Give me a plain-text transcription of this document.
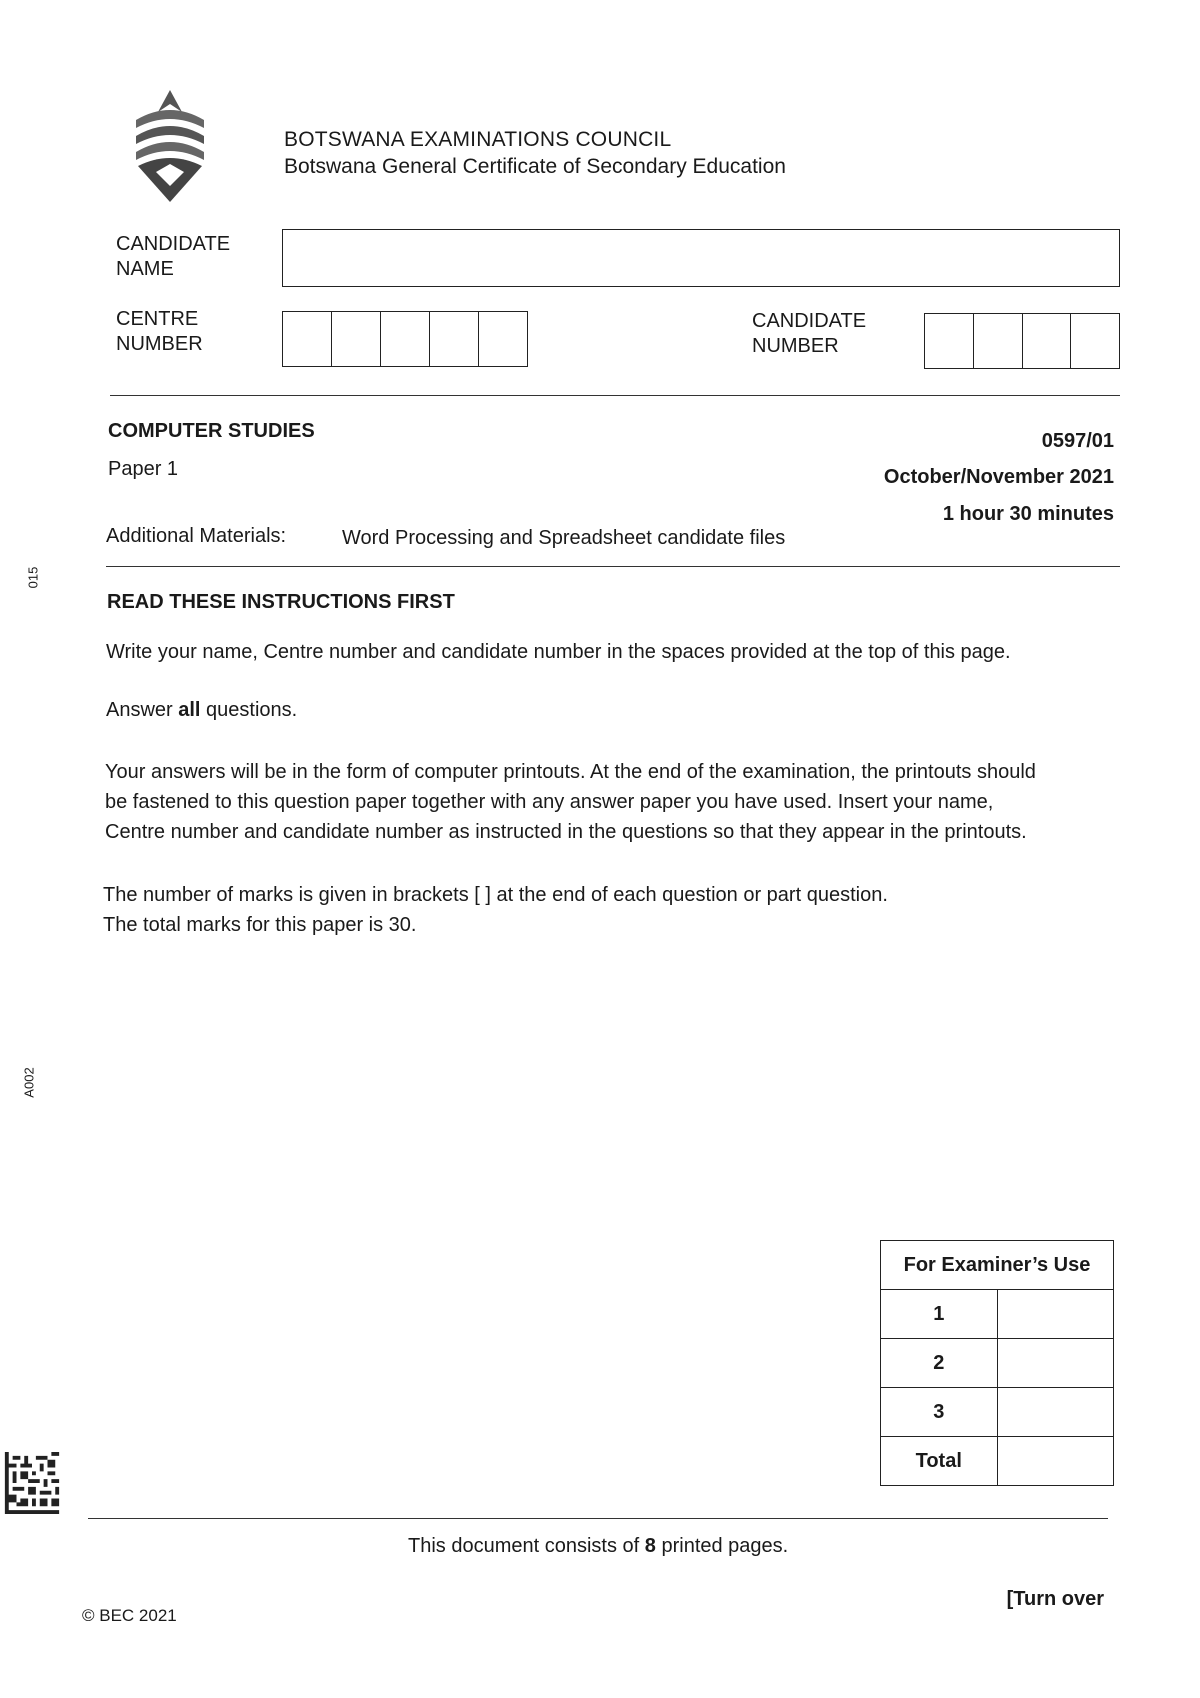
BOTSWANA EXAMINATIONS COUNCIL
Botswana General Certificate of Secondary Education
CANDIDATE
NAME
CENTRE
NUMBER
CANDIDATE
NUMBER
COMPUTER STUDIES
Paper 1
0597/01
October/November 2021
1 hour 30 minutes
Additional Materials:	Word Processing and Spreadsheet candidate files
READ THESE INSTRUCTIONS FIRST
Write your name, Centre number and candidate number in the spaces provided at the top of this page.
Answer all questions.
Your answers will be in the form of computer printouts. At the end of the examination, the printouts should
be fastened to this question paper together with any answer paper you have used. Insert your name,
Centre number and candidate number as instructed in the questions so that they appear in the printouts.
The number of marks is given in brackets [ ] at the end of each question or part question.
The total marks for this paper is 30.
015
A002
For Examiner’s Use	
1	
2	
3	
Total	
This document consists of 8 printed pages.
[Turn over
© BEC 2021
